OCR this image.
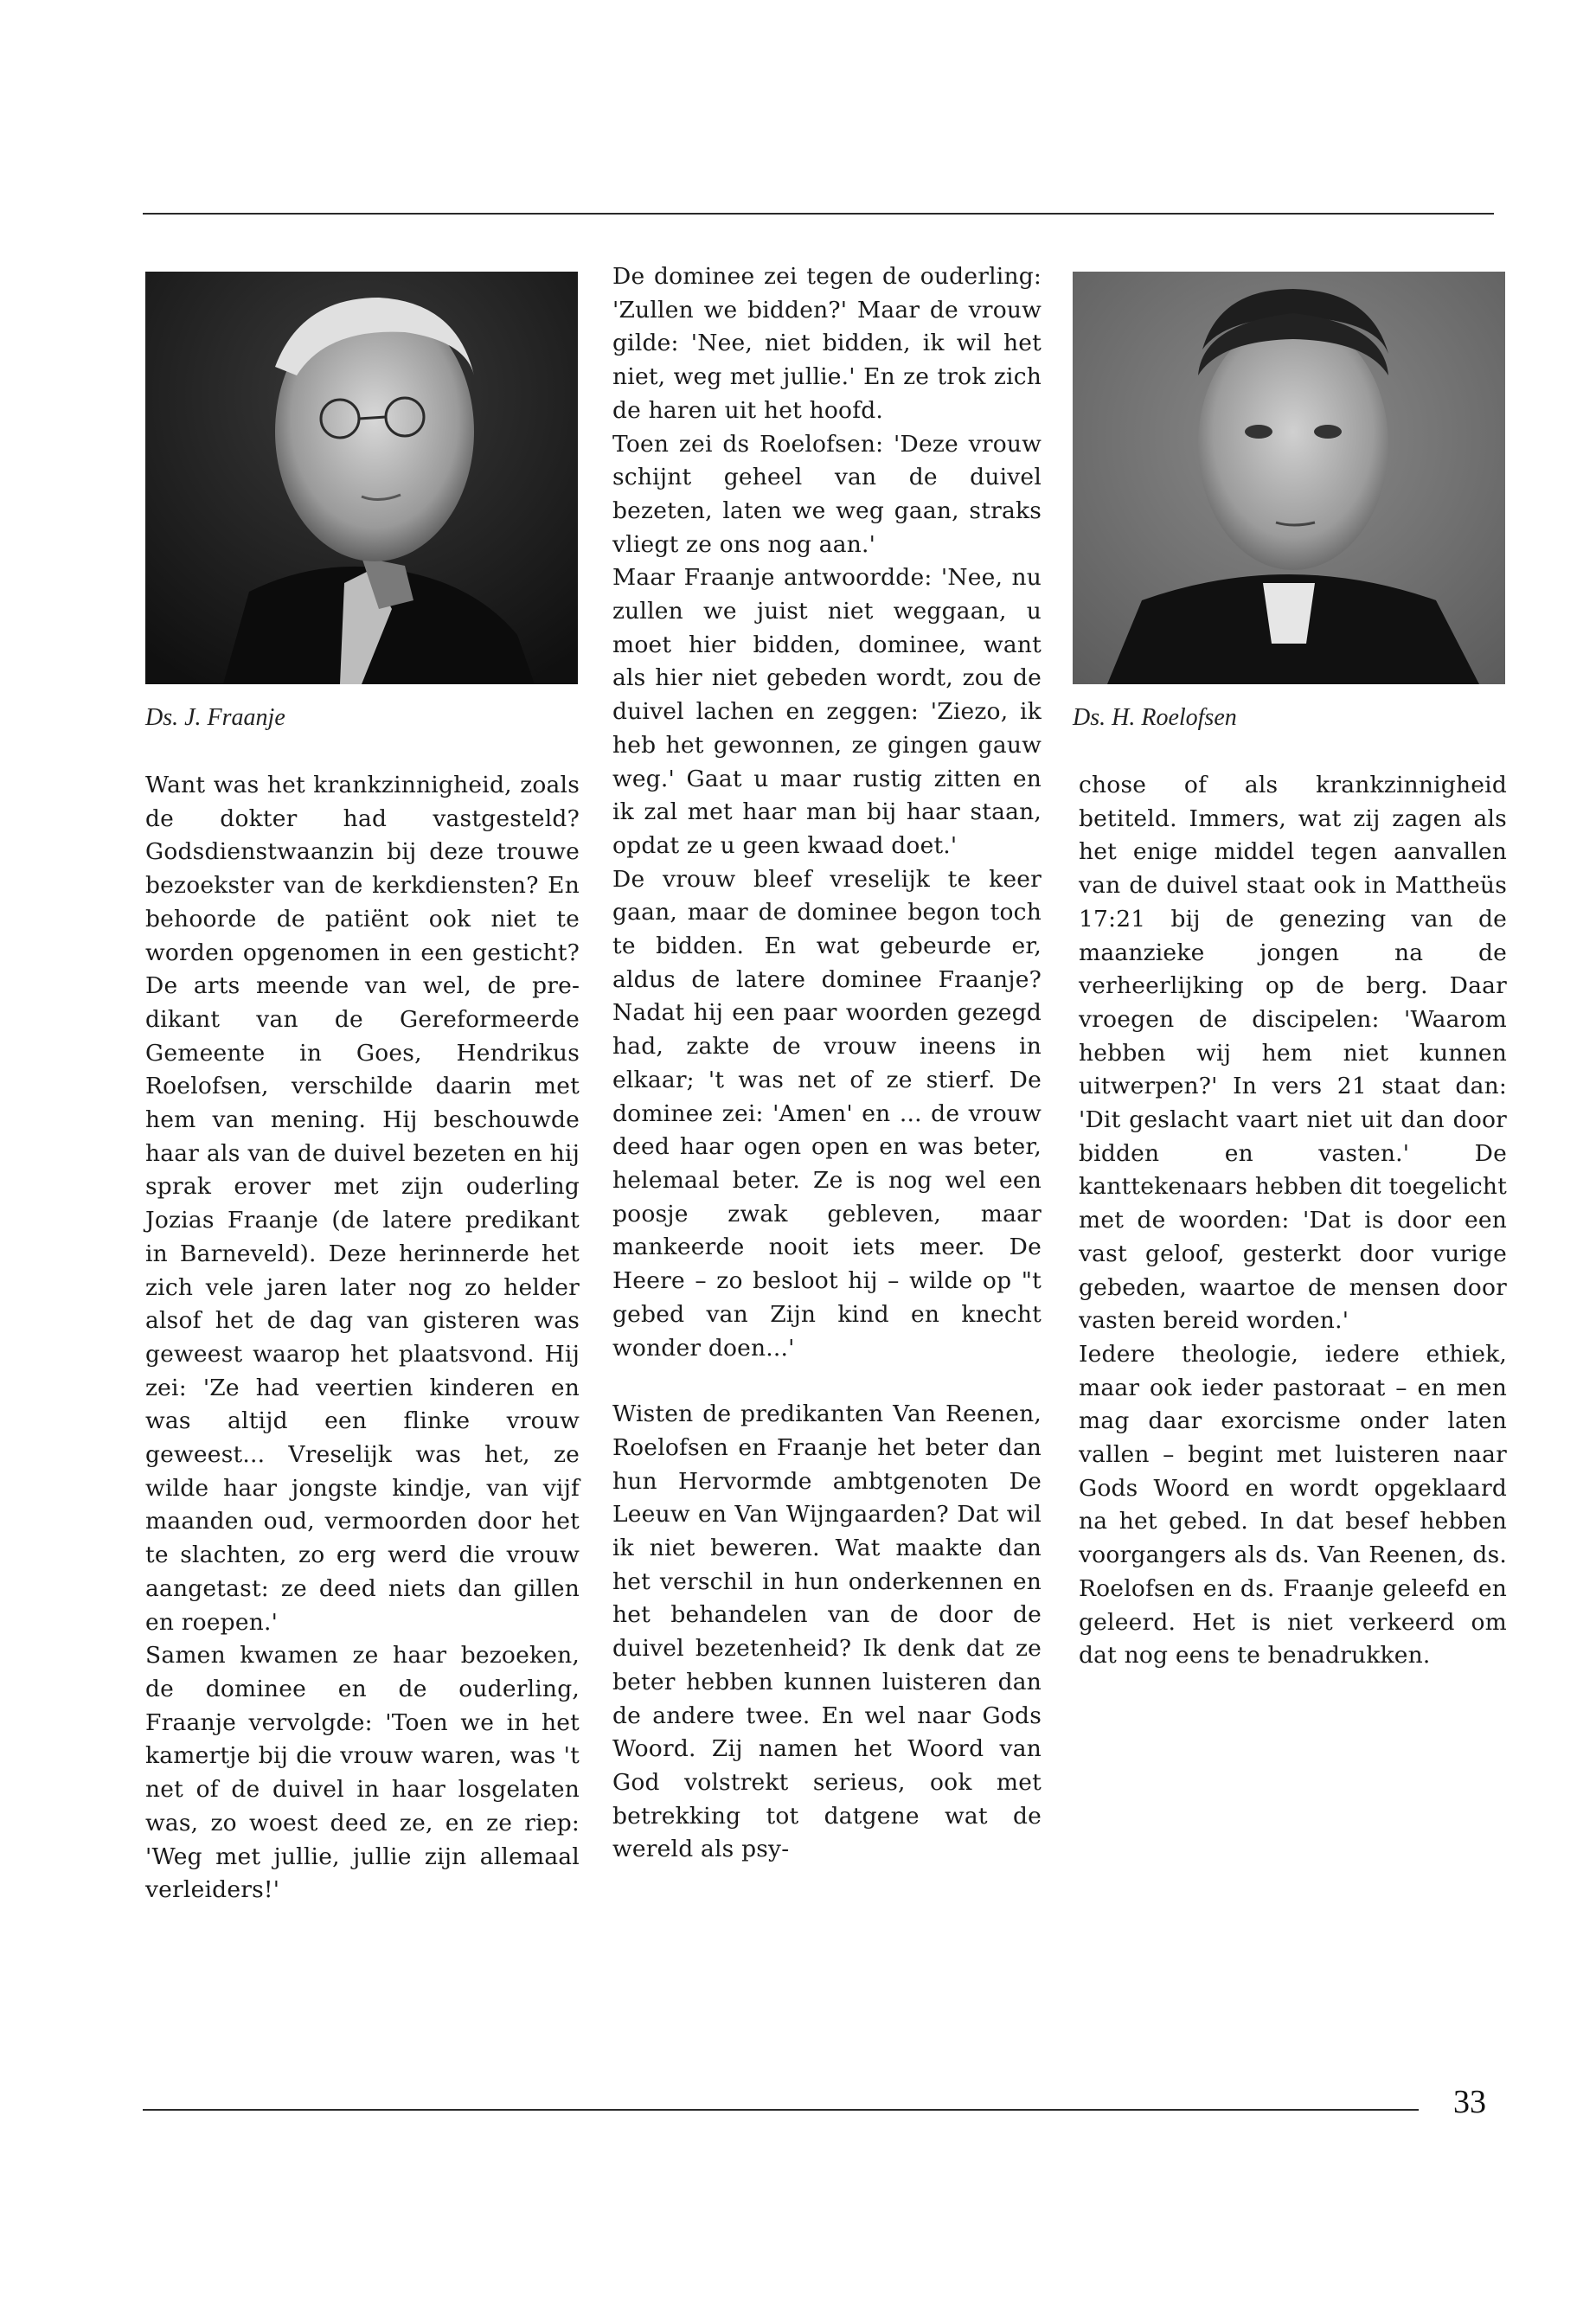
Ds. J. Fraanje	Ds. H. Roelofsen

Want was het krankzinnigheid, zoals de dokter had vastgesteld? Godsdienstwaanzin bij deze trouwe bezoekster van de kerkdiensten? En behoorde de patiënt ook niet te worden opgenomen in een gesticht? De arts meende van wel, de predikant van de Gereformeerde Gemeente in Goes, Hendrikus Roelofsen, verschilde daarin met hem van mening. Hij beschouwde haar als van de duivel bezeten en hij sprak erover met zijn ouderling Jozias Fraanje (de latere predikant in Barneveld). Deze herinnerde het zich vele jaren later nog zo helder alsof het de dag van gisteren was geweest waarop het plaatsvond. Hij zei: 'Ze had veertien kinderen en was altijd een flinke vrouw geweest... Vreselijk was het, ze wilde haar jongste kindje, van vijf maanden oud, vermoorden door het te slachten, zo erg werd die vrouw aangetast: ze deed niets dan gillen en roepen.'

Samen kwamen ze haar bezoeken, de dominee en de ouderling, Fraanje vervolgde: 'Toen we in het kamertje bij die vrouw waren, was 't net of de duivel in haar losgelaten was, zo woest deed ze, en ze riep: 'Weg met jullie, jullie zijn allemaal verleiders!'

De dominee zei tegen de ouderling: 'Zullen we bidden?' Maar de vrouw gilde: 'Nee, niet bidden, ik wil het niet, weg met jullie.' En ze trok zich de haren uit het hoofd.

Toen zei ds Roelofsen: 'Deze vrouw schijnt geheel van de duivel bezeten, laten we weg gaan, straks vliegt ze ons nog aan.'

Maar Fraanje antwoordde: 'Nee, nu zullen we juist niet weggaan, u moet hier bidden, dominee, want als hier niet gebeden wordt, zou de duivel lachen en zeggen: 'Ziezo, ik heb het gewonnen, ze gingen gauw weg.' Gaat u maar rustig zitten en ik zal met haar man bij haar staan, opdat ze u geen kwaad doet.'

De vrouw bleef vreselijk te keer gaan, maar de dominee begon toch te bidden. En wat gebeurde er, aldus de latere dominee Fraanje? Nadat hij een paar woorden gezegd had, zakte de vrouw ineens in elkaar; 't was net of ze stierf. De dominee zei: 'Amen' en ... de vrouw deed haar ogen open en was beter, helemaal beter. Ze is nog wel een poosje zwak gebleven, maar mankeerde nooit iets meer. De Heere – zo besloot hij – wilde op "t gebed van Zijn kind en knecht wonder doen...'

Wisten de predikanten Van Reenen, Roelofsen en Fraanje het beter dan hun Hervormde ambtgenoten De Leeuw en Van Wijngaarden? Dat wil ik niet beweren. Wat maakte dan het verschil in hun onderkennen en het behandelen van de door de duivel bezetenheid? Ik denk dat ze beter hebben kunnen luisteren dan de andere twee. En wel naar Gods Woord. Zij namen het Woord van God volstrekt serieus, ook met betrekking tot datgene wat de wereld als psy-

chose of als krankzinnigheid betiteld. Immers, wat zij zagen als het enige middel tegen aanvallen van de duivel staat ook in Mattheüs 17:21 bij de genezing van de maanzieke jongen na de verheerlijking op de berg. Daar vroegen de discipelen: 'Waarom hebben wij hem niet kunnen uitwerpen?' In vers 21 staat dan: 'Dit geslacht vaart niet uit dan door bidden en vasten.' De kanttekenaars hebben dit toegelicht met de woorden: 'Dat is door een vast geloof, gesterkt door vurige gebeden, waartoe de mensen door vasten bereid worden.'

Iedere theologie, iedere ethiek, maar ook ieder pastoraat – en men mag daar exorcisme onder laten vallen – begint met luisteren naar Gods Woord en wordt opgeklaard na het gebed. In dat besef hebben voorgangers als ds. Van Reenen, ds. Roelofsen en ds. Fraanje geleefd en geleerd. Het is niet verkeerd om dat nog eens te benadrukken.

33
